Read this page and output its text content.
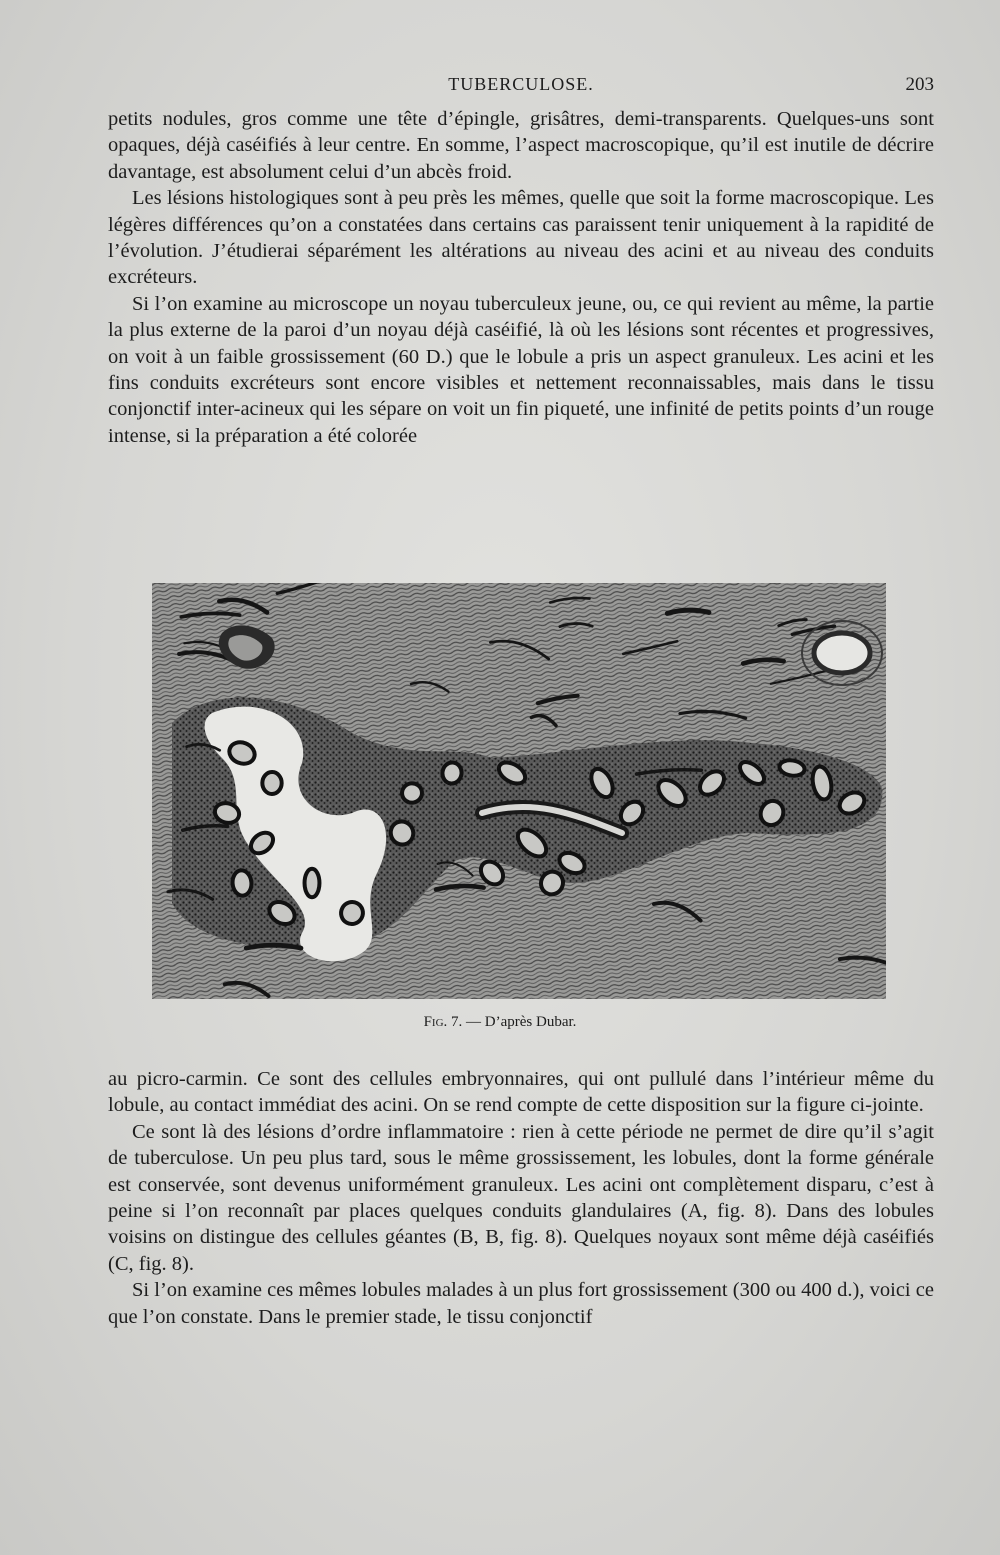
TUBERCULOSE.	203

petits nodules, gros comme une tête d’épingle, grisâtres, demi-transparents. Quelques-uns sont opaques, déjà caséifiés à leur centre. En somme, l’aspect macroscopique, qu’il est inutile de décrire davantage, est absolument celui d’un abcès froid.

Les lésions histologiques sont à peu près les mêmes, quelle que soit la forme macroscopique. Les légères différences qu’on a constatées dans certains cas paraissent tenir uniquement à la rapidité de l’évolution. J’étudierai séparément les altérations au niveau des acini et au niveau des conduits excréteurs.

Si l’on examine au microscope un noyau tuberculeux jeune, ou, ce qui revient au même, la partie la plus externe de la paroi d’un noyau déjà caséifié, là où les lésions sont récentes et progressives, on voit à un faible grossissement (60 D.) que le lobule a pris un aspect granuleux. Les acini et les fins conduits excréteurs sont encore visibles et nettement reconnaissables, mais dans le tissu conjonctif inter-acineux qui les sépare on voit un fin piqueté, une infinité de petits points d’un rouge intense, si la préparation a été colorée

Fig. 7. — D’après Dubar.

au picro-carmin. Ce sont des cellules embryonnaires, qui ont pullulé dans l’intérieur même du lobule, au contact immédiat des acini. On se rend compte de cette disposition sur la figure ci-jointe.

Ce sont là des lésions d’ordre inflammatoire : rien à cette période ne permet de dire qu’il s’agit de tuberculose. Un peu plus tard, sous le même grossissement, les lobules, dont la forme générale est conservée, sont devenus uniformément granuleux. Les acini ont complètement disparu, c’est à peine si l’on reconnaît par places quelques conduits glandulaires (A, fig. 8). Dans des lobules voisins on distingue des cellules géantes (B, B, fig. 8). Quelques noyaux sont même déjà caséifiés (C, fig. 8).

Si l’on examine ces mêmes lobules malades à un plus fort grossissement (300 ou 400 d.), voici ce que l’on constate. Dans le premier stade, le tissu conjonctif
